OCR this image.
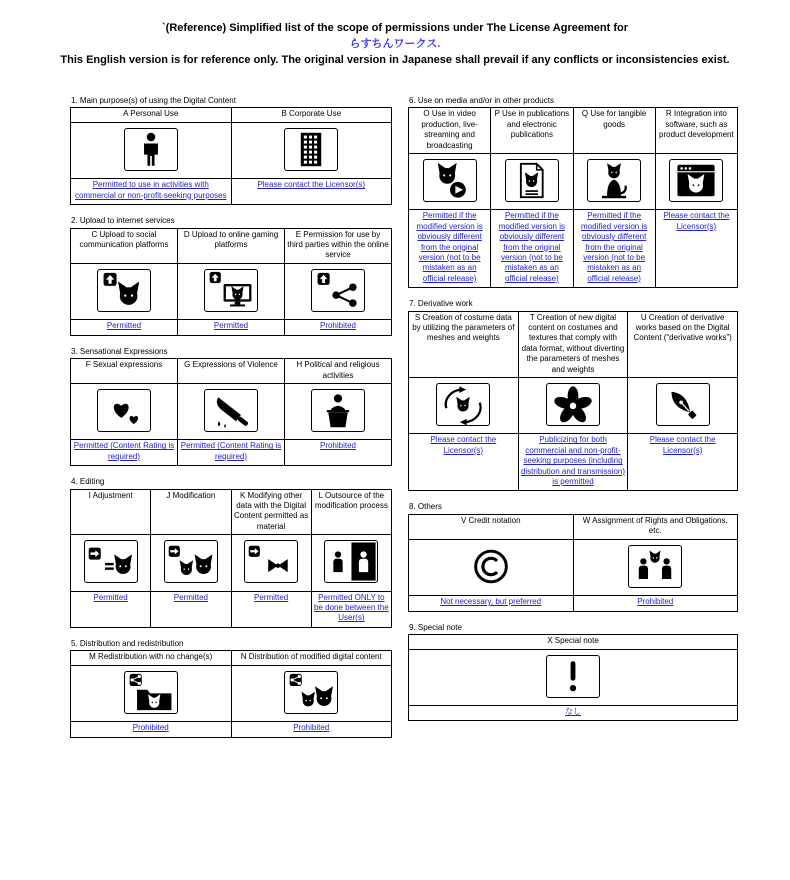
`(Reference) Simplified list of the scope of permissions under The License Agreement for
らすちんワークス.
This English version is for reference only. The original version in Japanese shall prevail if any conflicts or inconsistencies exist.
1. Main purpose(s) of using the Digital Content
A Personal Use	B Corporate Use

Permitted to use in activities with commercial or non-profit-seeking purposes	Please contact the Licensor(s)
2. Upload to internet services
C Upload to social communication platforms	D Upload to online gaming platforms	E Permission for use by third parties within the online service

Permitted	Permitted	Prohibited
3. Sensational Expressions
F Sexual expressions	G Expressions of Violence	H Political and religious activities

Permitted (Content Rating is required)	Permitted (Content Rating is required)	Prohibited
4. Editing
I Adjustment	J Modification	K Modifying other data with the Digital Content permitted as material	L Outsource of the modification process

Permitted	Permitted	Permitted	Permitted ONLY to be done between the User(s)
5. Distribution and redistribution
M Redistribution with no change(s)	N Distribution of modified digital content

Prohibited	Prohibited
6. Use on media and/or in other products
O Use in video production, live-streaming and broadcasting	P Use in publications and electronic publications	Q Use for tangible goods	R Integration into software, such as product development

Permitted if the modified version is obviously different from the original version (not to be mistaken as an official release)	Permitted if the modified version is obviously different from the original version (not to be mistaken as an official release)	Permitted if the modified version is obviously different from the original version (not to be mistaken as an official release)	Please contact the Licensor(s)
7. Derivative work
S Creation of costume data by utilizing the parameters of meshes and weights	T Creation of new digital content on costumes and textures that comply with data format, without diverting the parameters of meshes and weights	U Creation of derivative works based on the Digital Content (“derivative works”)

Please contact the Licensor(s)	Publicizing for both commercial and non-profit-seeking purposes (including distribution and transmission) is permitted	Please contact the Licensor(s)
8. Others
V Credit notation	W Assignment of Rights and Obligations, etc.

Not necessary, but preferred	Prohibited
9. Special note
X Special note

なし
